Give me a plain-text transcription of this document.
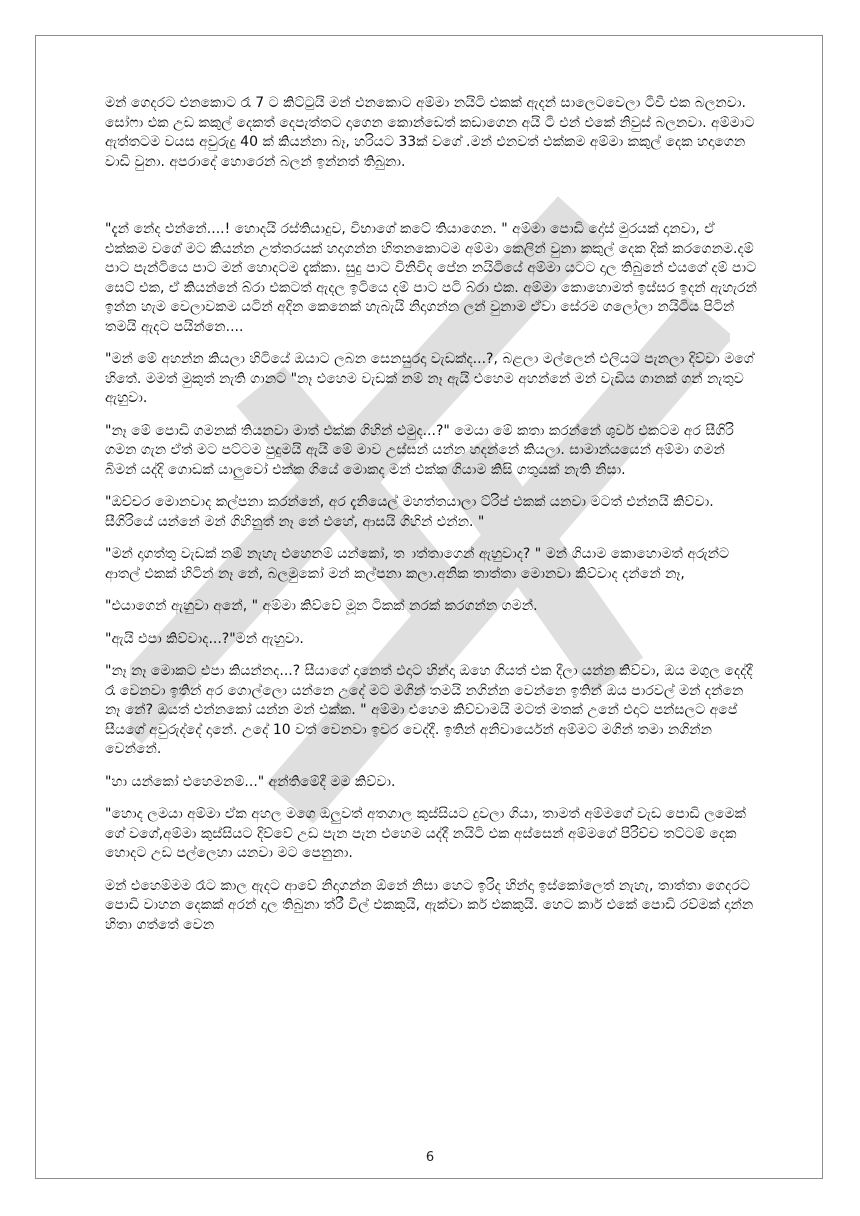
මන් ගෙදරට එනකොට රෑ 7 ට කිට්ටුයි මන් එනකොට අම්මා නයිටි එකක් ඇදන් සාලෙටවෙලා ටීවී එක බලනවා. සෝෆා එක උඩ කකුල් දෙකත් දෙපැත්තට දාගෙන කොන්ඩෙත් කඩාගෙන අයි ටී එන් එකේ නිවුස් බලනවා. අම්මාට ඇත්තටම වයස අවුරුදු 40 ක් කියන්නා බෑ, හරියට 33ක් වගේ .මන් එනවත් එක්කම අම්මා කකුල් දෙක හදාගෙන වාඩි වුනා. අපරාදේ හොරෙන් බලන් ඉන්නත් තිබුනා.

"දැන් නේද එන්නේ....! හොදයි රස්තියාදුව, විභාගේ කටේ තියාගෙන. " අම්මා පොඩි දෝස් මුරයක් දානවා, ඒ එක්කම වගේ මට කියන්න උත්තරයක් හදාගන්න හිතනකොටම අම්මා කෙලින් වුනා කකුල් දෙක දික් කරගෙනම.දම් පාට පැන්ටියෙ පාට මන් හොදටම දැක්කා. සුදු පාට විනිවිද පේන නයිටියේ අම්මා යටට දාල තිබුනේ එයගේ දම් පාට සෙට් එක, ඒ කියන්නේ බ්රා එකටත් ඇදල ඉටියෙ දම් පාට පටි බ්රා එක. අම්මා කොහොමත් ඉස්සර ඉදන් ඇහැරන් ඉන්න හැම වෙලාවකම යටින් අදින කෙනෙක් හැබැයි නිදාගන්න ලන් වුනාම ඒවා සේරම ගලෝලා නයිටිය පිටින් තමයි ඇදට පයින්නෙ....

"මන් මේ අහන්න කියලා හිටියේ ඔයාට ලබන සෙනසුරදා වැඩක්ද...?, බළලා මල්ලෙන් එලියට පැනලා දිව්වා මගේ හිතේ. මමත් මුකුත් නැති ගානට "නෑ එහෙම වැඩක් නම් නෑ ඇයි එහෙම අහන්නේ මන් වැඩිය ගානක් ගන් නැතුව ඇහුවා.

"නෑ මේ පොඩි ගමනක් තියනවා මාත් එක්ක ගිහින් එමුද...?" මෙයා මේ කතා කරන්නේ ශුවර් එකටම අර සීගිරි ගමන ගැන ඒත් මට පට්ටම පුදුමයි ඇයි මේ මාව උස්සන් යන්න හදන්නේ කියලා. සාමාන්යයෙන් අම්මා ගමන් බිමන් යද්දි ගොඩක් යාලුවෝ එක්ක ගියේ මොකද මන් එක්ක ගියාම කිසි ගතුයක් නැති නිසා.

"ඔච්චර මොනවාද කල්පනා කරන්නේ, අර දැනියෙල් මහත්තයාලා ට්රිප් එකක් යනවා මටත් එන්නයි කිව්වා. සීගිරියේ යන්නේ මන් ගිහිනුත් නෑ නේ එහේ, ආසයි ගිහින් එන්න. "

"මන් දාගත්තු වැඩක් නම් නැහැ එහෙනම් යන්කෝ, ත ාත්තාගෙන් ඇහුවාද? " මන් ගියාම කොහොමත් අරුන්ට ආතල් එකක් හිටින් නෑ නේ, බලමුකෝ මන් කල්පනා කලා.අනික තාත්තා මොනවා කිව්වාද දන්නේ නෑ,

"එයාගෙන් ඇහුවා අනේ, " අම්මා කිව්වේ මූන ටිකක් නරක් කරගන්න ගමන්.

"ඇයි එපා කිව්වාද...?"මන් ඇහුවා.

"නෑ නෑ මොකට එපා කියන්නද...? සීයාගේ දානෙත් එදාට හින්දා ඔහෙ ගියත් එක දීලා යන්න කිව්වා, ඔය මගුල දෙද්දී රෑ වෙනවා ඉතින් අර ගොල්ලො යන්නෙ උදේ මට මගින් තමයි නගින්න වෙන්නෙ ඉතින් ඔය පාරවල් මන් දන්නෙ නෑ නේ? ඔයත් එන්නකෝ යන්න මන් එක්ක. " අම්මා එහෙම කිව්වාමයි මටත් මතක් උනේ එදාට පන්සලට අපේ සීයගේ අවුරුද්දේ දානේ. උදේ 10 වත් වෙනවා ඉවර වෙද්දී. ඉතින් අනිවාර්යෙන් අම්මට මගින් තමා නගින්න වෙන්නේ.

"හා යන්කෝ එහෙමනම්..." අන්තිමේදී මම කිව්වා.

"හොද ලමයා අම්මා ඒක අහල මගෙ ඔලුවත් අතගාල කුස්සියට දුවලා ගියා, තාමත් අම්මගේ වැඩ පොඩි ලමෙක් ගේ වගේ,අම්මා කුස්සියට දිව්වේ උඩ පැන පැන එහෙම යද්දී නයිටි එක අස්සෙන් අම්මගේ පිරිච්ච තට්ටම් දෙක හොදට උඩ පල්ලෙහා යනවා මට පෙනුනා.

මන් එහෙම්මම රෑට කාල ඇදට ආවේ නිදාගන්න ඕනේ නිසා හෙට ඉරිද හින්දා ඉස්කෝලෙත් නැහැ, තාත්තා ගෙදරට පොඩි වාහන දෙකක් අරන් දාල තිබුනා ත්රී වීල් එකකුයි, ඇක්වා කර් එකකුයි. හෙට කාර් එකේ පොඩි රව්මක් දාන්න හිතා ගත්තේ වෙන

6
